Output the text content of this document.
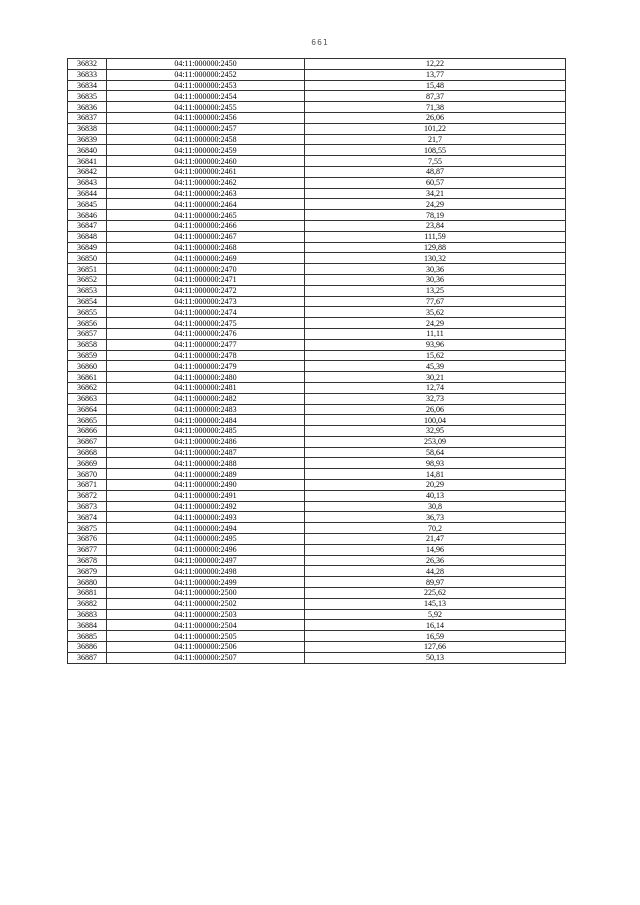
661
36832	04:11:000000:2450	12,22
36833	04:11:000000:2452	13,77
36834	04:11:000000:2453	15,48
36835	04:11:000000:2454	87,37
36836	04:11:000000:2455	71,38
36837	04:11:000000:2456	26,06
36838	04:11:000000:2457	101,22
36839	04:11:000000:2458	21,7
36840	04:11:000000:2459	108,55
36841	04:11:000000:2460	7,55
36842	04:11:000000:2461	48,87
36843	04:11:000000:2462	60,57
36844	04:11:000000:2463	34,21
36845	04:11:000000:2464	24,29
36846	04:11:000000:2465	78,19
36847	04:11:000000:2466	23,84
36848	04:11:000000:2467	111,59
36849	04:11:000000:2468	129,88
36850	04:11:000000:2469	130,32
36851	04:11:000000:2470	30,36
36852	04:11:000000:2471	30,36
36853	04:11:000000:2472	13,25
36854	04:11:000000:2473	77,67
36855	04:11:000000:2474	35,62
36856	04:11:000000:2475	24,29
36857	04:11:000000:2476	11,11
36858	04:11:000000:2477	93,96
36859	04:11:000000:2478	15,62
36860	04:11:000000:2479	45,39
36861	04:11:000000:2480	30,21
36862	04:11:000000:2481	12,74
36863	04:11:000000:2482	32,73
36864	04:11:000000:2483	26,06
36865	04:11:000000:2484	100,04
36866	04:11:000000:2485	32,95
36867	04:11:000000:2486	253,09
36868	04:11:000000:2487	58,64
36869	04:11:000000:2488	98,93
36870	04:11:000000:2489	14,81
36871	04:11:000000:2490	20,29
36872	04:11:000000:2491	40,13
36873	04:11:000000:2492	30,8
36874	04:11:000000:2493	36,73
36875	04:11:000000:2494	70,2
36876	04:11:000000:2495	21,47
36877	04:11:000000:2496	14,96
36878	04:11:000000:2497	26,36
36879	04:11:000000:2498	44,28
36880	04:11:000000:2499	89,97
36881	04:11:000000:2500	225,62
36882	04:11:000000:2502	145,13
36883	04:11:000000:2503	5,92
36884	04:11:000000:2504	16,14
36885	04:11:000000:2505	16,59
36886	04:11:000000:2506	127,66
36887	04:11:000000:2507	50,13
